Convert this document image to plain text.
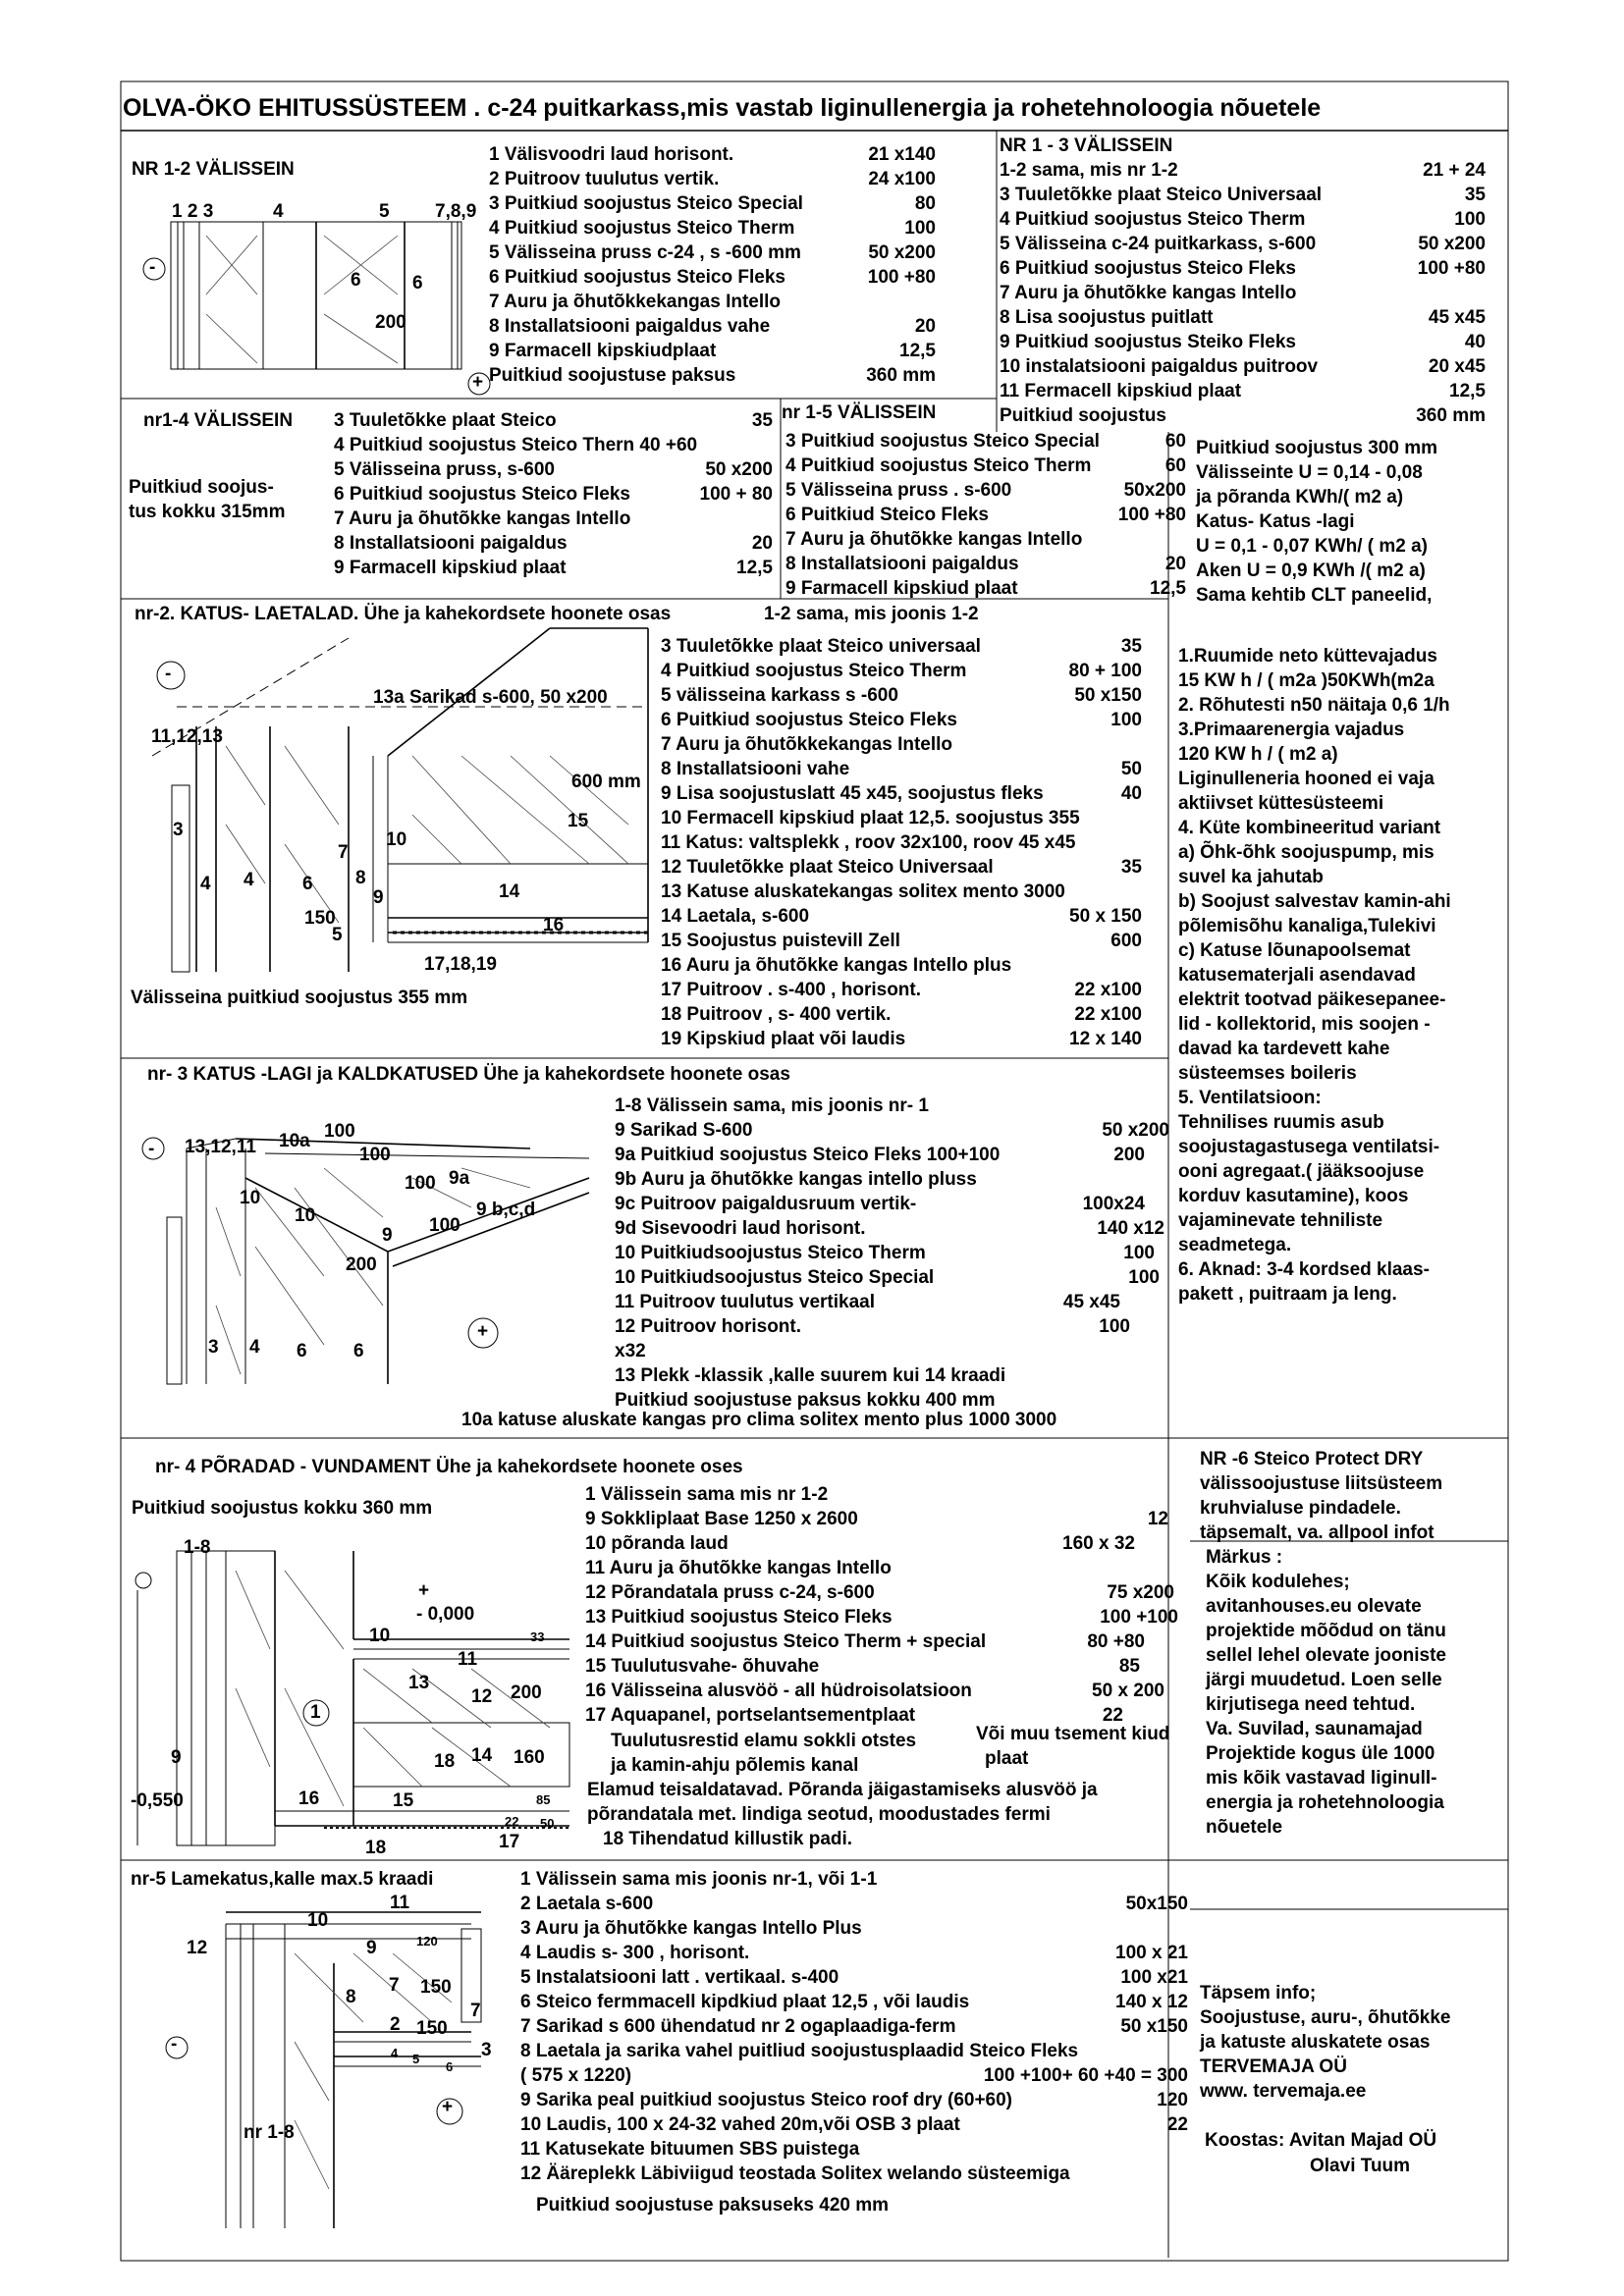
OLVA-ÖKO EHITUSSÜSTEEM . c-24 puitkarkass,mis vastab liginullenergia ja rohetehnoloogia nõuetele
NR 1-2 VÄLISSEIN
1 2 3	4	5 7,8,9
-
6	6
200
+
1 Välisvoodri laud horisont.	21 x140
2 Puitroov tuulutus vertik.	24 x100
3 Puitkiud soojustus Steico Special	80
4 Puitkiud soojustus Steico Therm	100
5 Välisseina pruss c-24 , s -600 mm	50 x200
6 Puitkiud soojustus Steico Fleks	100 +80
7 Auru ja õhutõkkekangas Intello
8 Installatsiooni paigaldus vahe	20
9 Farmacell kipskiudplaat	12,5
Puitkiud soojustuse paksus	360 mm
NR 1 - 3 VÄLISSEIN
1-2 sama, mis nr 1-2	21 + 24
3 Tuuletõkke plaat Steico Universaal	35
4 Puitkiud soojustus Steico Therm	100
5 Välisseina c-24 puitkarkass, s-600	50 x200
6 Puitkiud soojustus Steico Fleks	100 +80
7 Auru ja õhutõkke kangas Intello
8 Lisa soojustus puitlatt	45 x45
9 Puitkiud soojustus Steiko Fleks	40
10 instalatsiooni paigaldus puitroov	20 x45
11 Fermacell kipskiud plaat	12,5
Puitkiud soojustus	360 mm
nr1-4 VÄLISSEIN
Puitkiud soojus-
tus kokku 315mm
3 Tuuletõkke plaat Steico	35
4 Puitkiud soojustus Steico Thern 40 +60
5 Välisseina pruss, s-600	50 x200
6 Puitkiud soojustus Steico Fleks	100 + 80
7 Auru ja õhutõkke kangas Intello
8 Installatsiooni paigaldus	20
9 Farmacell kipskiud plaat	12,5
nr 1-5 VÄLISSEIN
3 Puitkiud soojustus Steico Special	60
4 Puitkiud soojustus Steico Therm	60
5 Välisseina pruss . s-600	50x200
6 Puitkiud Steico Fleks	100 +80
7 Auru ja õhutõkke kangas Intello
8 Installatsiooni paigaldus	20
9 Farmacell kipskiud plaat	12,5
Puitkiud soojustus 300 mm
Välisseinte U = 0,14 - 0,08
ja põranda KWh/( m2 a)
Katus- Katus -lagi
U = 0,1 - 0,07 KWh/ ( m2 a)
Aken U = 0,9 KWh /( m2 a)
Sama kehtib CLT paneelid,
nr-2. KATUS- LAETALAD. Ühe ja kahekordsete hoonete osas	1-2 sama, mis joonis 1-2
-
13a Sarikad s-600, 50 x200
11,12,13
600 mm
15
3
7
10
4 4	6 8
9	14
150
5	16
17,18,19
Välisseina puitkiud soojustus 355 mm
3 Tuuletõkke plaat Steico universaal	35
4 Puitkiud soojustus Steico Therm	80 + 100
5 välisseina karkass s -600	50 x150
6 Puitkiud soojustus Steico Fleks	100
7 Auru ja õhutõkkekangas Intello
8 Installatsiooni vahe	50
9 Lisa soojustuslatt 45 x45, soojustus fleks	40
10 Fermacell kipskiud plaat 12,5. soojustus 355
11 Katus: valtsplekk , roov 32x100, roov 45 x45
12 Tuuletõkke plaat Steico Universaal	35
13 Katuse aluskatekangas solitex mento 3000
14 Laetala, s-600	50 x 150
15 Soojustus puistevill Zell	600
16 Auru ja õhutõkke kangas Intello plus
17 Puitroov . s-400 , horisont.	22 x100
18 Puitroov , s- 400 vertik.	22 x100
19 Kipskiud plaat või laudis	12 x 140
1.Ruumide neto küttevajadus
15 KW h / ( m2a )50KWh(m2a
2. Rõhutesti n50 näitaja 0,6 1/h
3.Primaarenergia vajadus
120 KW h / ( m2 a)
Liginulleneria hooned ei vaja
aktiivset küttesüsteemi
4. Küte kombineeritud variant
a) Õhk-õhk soojuspump, mis
suvel ka jahutab
b) Soojust salvestav kamin-ahi
põlemisõhu kanaliga,Tulekivi
c) Katuse lõunapoolsemat
katusematerjali asendavad
elektrit tootvad päikesepanee-
lid - kollektorid, mis soojen -
davad ka tardevett kahe
süsteemses boileris
5. Ventilatsioon:
Tehnilises ruumis asub
soojustagastusega ventilatsi-
ooni agregaat.( jääksoojuse
korduv kasutamine), koos
vajaminevate tehniliste
seadmetega.
6. Aknad: 3-4 kordsed klaas-
pakett , puitraam ja leng.
nr- 3 KATUS -LAGI ja KALDKATUSED Ühe ja kahekordsete hoonete osas
- 13,12,11 10a 100
100
100 9a
10
10
9 100
9 b,c,d
200
3 4 6 6
+
1-8 Välissein sama, mis joonis nr- 1
9 Sarikad S-600	50 x200
9a Puitkiud soojustus Steico Fleks 100+100	200
9b Auru ja õhutõkke kangas intello pluss
9c Puitroov paigaldusruum vertik-	100x24
9d Sisevoodri laud horisont.	140 x12
10 Puitkiudsoojustus Steico Therm	100
10 Puitkiudsoojustus Steico Special	100
11 Puitroov tuulutus vertikaal	45 x45
12 Puitroov horisont.	100
x32
13 Plekk -klassik ,kalle suurem kui 14 kraadi
Puitkiud soojustuse paksus kokku 400 mm
10a katuse aluskate kangas pro clima solitex mento plus 1000 3000
nr- 4 PÕRADAD - VUNDAMENT Ühe ja kahekordsete hoonete oses
Puitkiud soojustus kokku 360 mm
1-8
+
- 0,000
10	33
11
13
12 200
1
9	18 14 160
-0,550	16	15	85
22 50
17
18
1 Välissein sama mis nr 1-2
9 Sokkliplaat Base 1250 x 2600	12
10 põranda laud	160 x 32
11 Auru ja õhutõkke kangas Intello
12 Põrandatala pruss c-24, s-600	75 x200
13 Puitkiud soojustus Steico Fleks	100 +100
14 Puitkiud soojustus Steico Therm + special	80 +80
15 Tuulutusvahe- õhuvahe	85
16 Välisseina alusvöö - all hüdroisolatsioon	50 x 200
17 Aquapanel, portselantsementplaat	22
Tuulutusrestid elamu sokkli otstes
ja kamin-ahju põlemis kanal
Elamud teisaldatavad. Põranda jäigastamiseks alusvöö ja
põrandatala met. lindiga seotud, moodustades fermi
18 Tihendatud killustik padi.
Või muu tsement kiud
plaat
NR -6 Steico Protect DRY
välissoojustuse liitsüsteem
kruhvialuse pindadele.
täpsemalt, va. allpool infot
Märkus :
Kõik kodulehes;
avitanhouses.eu olevate
projektide mõõdud on tänu
sellel lehel olevate jooniste
järgi muudetud. Loen selle
kirjutisega need tehtud.
Va. Suvilad, saunamajad
Projektide kogus üle 1000
mis kõik vastavad liginull-
energia ja rohetehnoloogia
nõuetele
nr-5 Lamekatus,kalle max.5 kraadi
11
10
12	9	120
8
7 150
7
2 150
-	4 5
6
3
+
nr 1-8
1 Välissein sama mis joonis nr-1, või 1-1
2 Laetala s-600	50x150
3 Auru ja õhutõkke kangas Intello Plus
4 Laudis s- 300 , horisont.	100 x 21
5 Instalatsiooni latt . vertikaal. s-400	100 x21
6 Steico fermmacell kipdkiud plaat 12,5 , või laudis	140 x 12
7 Sarikad s 600 ühendatud nr 2 ogaplaadiga-ferm	50 x150
8 Laetala ja sarika vahel puitliud soojustusplaadid Steico Fleks
( 575 x 1220)	100 +100+ 60 +40 = 300
9 Sarika peal puitkiud soojustus Steico roof dry (60+60)	120
10 Laudis, 100 x 24-32 vahed 20m,või OSB 3 plaat	22
11 Katusekate bituumen SBS puistega
12 Ääreplekk Läbiviigud teostada Solitex welando süsteemiga
Puitkiud soojustuse paksuseks 420 mm
Täpsem info;
Soojustuse, auru-, õhutõkke
ja katuste aluskatete osas
TERVEMAJA OÜ
www. tervemaja.ee
Koostas: Avitan Majad OÜ
Olavi Tuum
